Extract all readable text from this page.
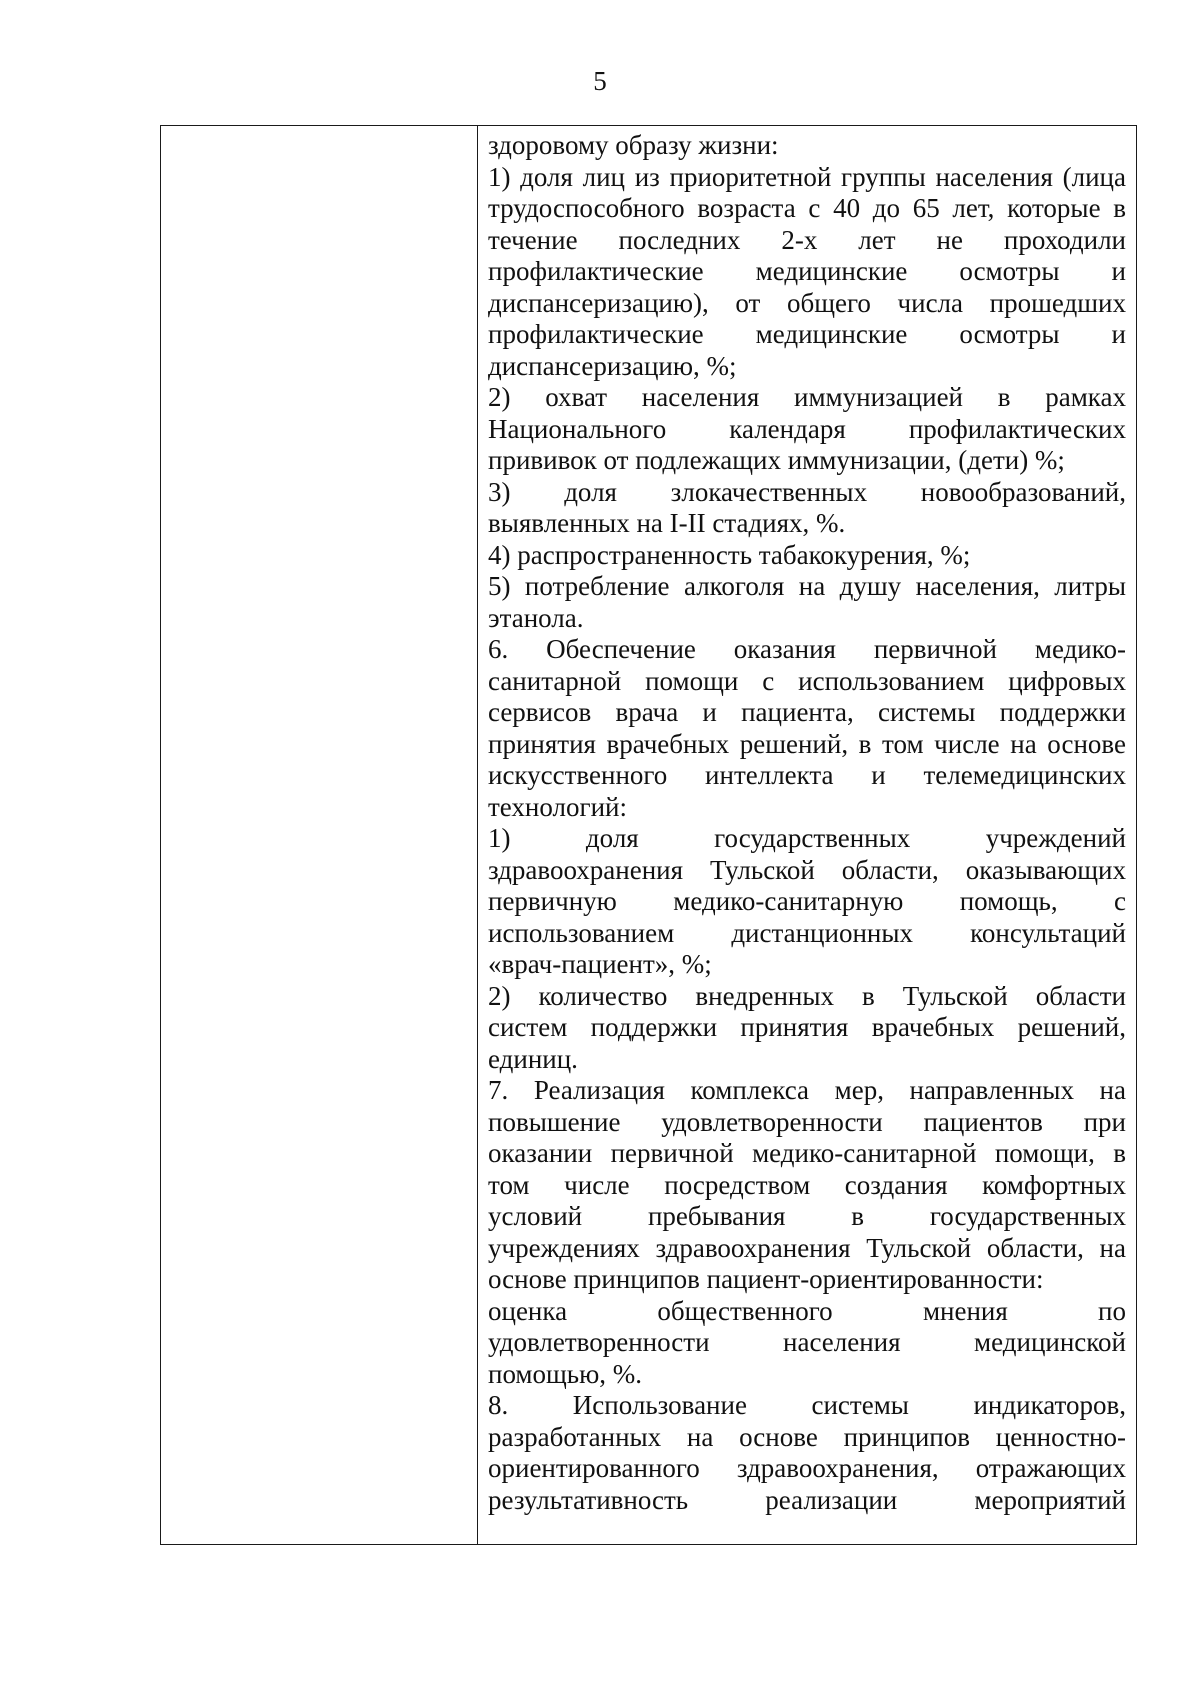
5

здоровому образу жизни:
1) доля лиц из приоритетной группы населения (лица
трудоспособного возраста с 40 до 65 лет, которые в
течение последних 2-х лет не проходили
профилактические медицинские осмотры и
диспансеризацию), от общего числа прошедших
профилактические медицинские осмотры и
диспансеризацию, %;
2) охват населения иммунизацией в рамках
Национального календаря профилактических
прививок от подлежащих иммунизации, (дети) %;
3) доля злокачественных новообразований,
выявленных на I-II стадиях, %.
4) распространенность табакокурения, %;
5) потребление алкоголя на душу населения, литры
этанола.
6. Обеспечение оказания первичной медико-
санитарной помощи с использованием цифровых
сервисов врача и пациента, системы поддержки
принятия врачебных решений, в том числе на основе
искусственного интеллекта и телемедицинских
технологий:
1) доля государственных учреждений
здравоохранения Тульской области, оказывающих
первичную медико-санитарную помощь, с
использованием дистанционных консультаций
«врач-пациент», %;
2) количество внедренных в Тульской области
систем поддержки принятия врачебных решений,
единиц.
7. Реализация комплекса мер, направленных на
повышение удовлетворенности пациентов при
оказании первичной медико-санитарной помощи, в
том числе посредством создания комфортных
условий пребывания в государственных
учреждениях здравоохранения Тульской области, на
основе принципов пациент-ориентированности:
оценка общественного мнения по
удовлетворенности населения медицинской
помощью, %.
8. Использование системы индикаторов,
разработанных на основе принципов ценностно-
ориентированного здравоохранения, отражающих
результативность реализации мероприятий
